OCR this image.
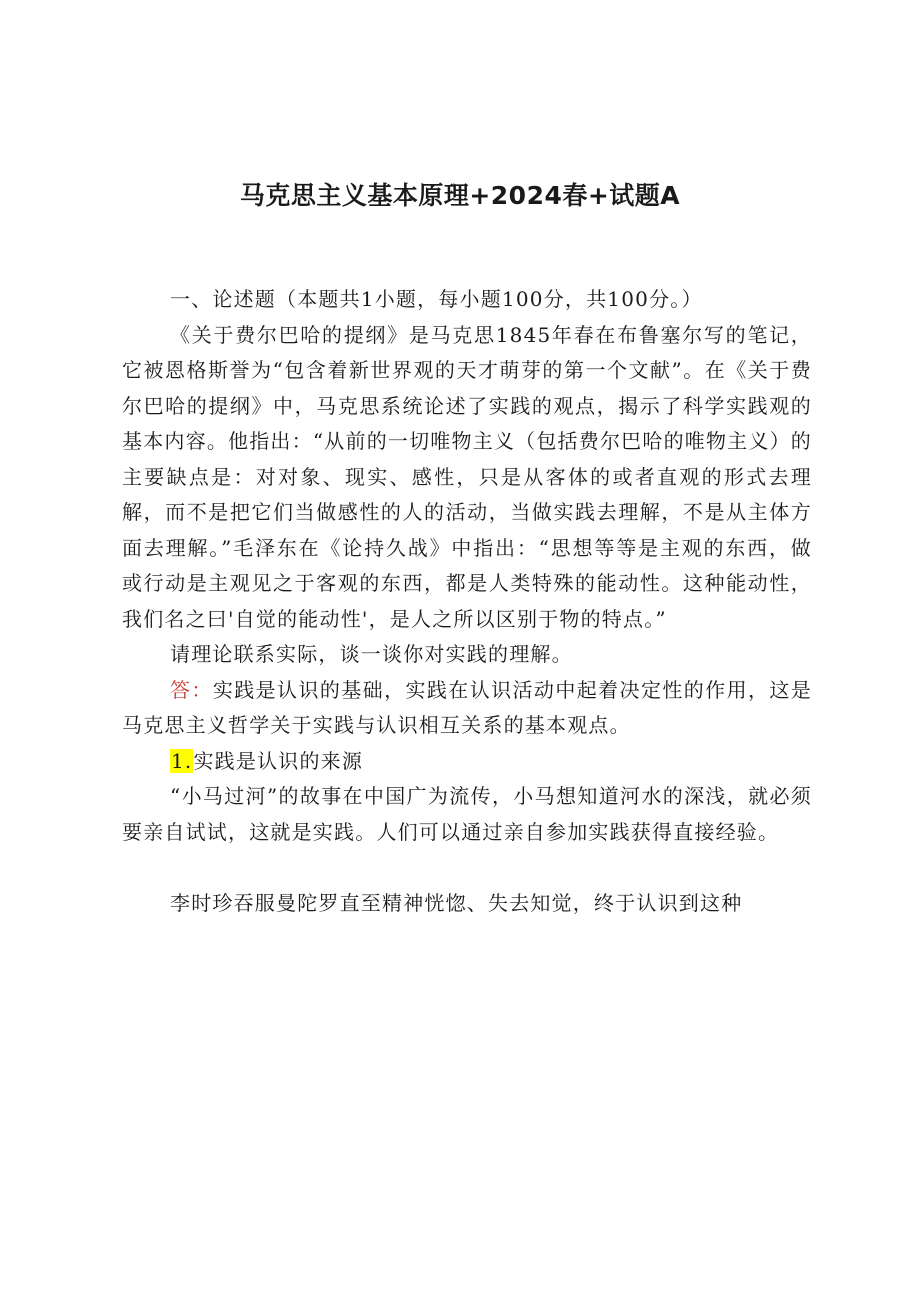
马克思主义基本原理+2024春+试题A

一、论述题（本题共1小题，每小题100分，共100分。）

《关于费尔巴哈的提纲》是马克思1845年春在布鲁塞尔写的笔记，它被恩格斯誉为“包含着新世界观的天才萌芽的第一个文献”。在《关于费尔巴哈的提纲》中，马克思系统论述了实践的观点，揭示了科学实践观的基本内容。他指出：“从前的一切唯物主义（包括费尔巴哈的唯物主义）的主要缺点是：对对象、现实、感性，只是从客体的或者直观的形式去理解，而不是把它们当做感性的人的活动，当做实践去理解，不是从主体方面去理解。”毛泽东在《论持久战》中指出：“思想等等是主观的东西，做或行动是主观见之于客观的东西，都是人类特殊的能动性。这种能动性，我们名之曰'自觉的能动性'，是人之所以区别于物的特点。”

请理论联系实际，谈一谈你对实践的理解。

答：实践是认识的基础，实践在认识活动中起着决定性的作用，这是马克思主义哲学关于实践与认识相互关系的基本观点。

1.实践是认识的来源

“小马过河”的故事在中国广为流传，小马想知道河水的深浅，就必须要亲自试试，这就是实践。人们可以通过亲自参加实践获得直接经验。

李时珍吞服曼陀罗直至精神恍惚、失去知觉，终于认识到这种
